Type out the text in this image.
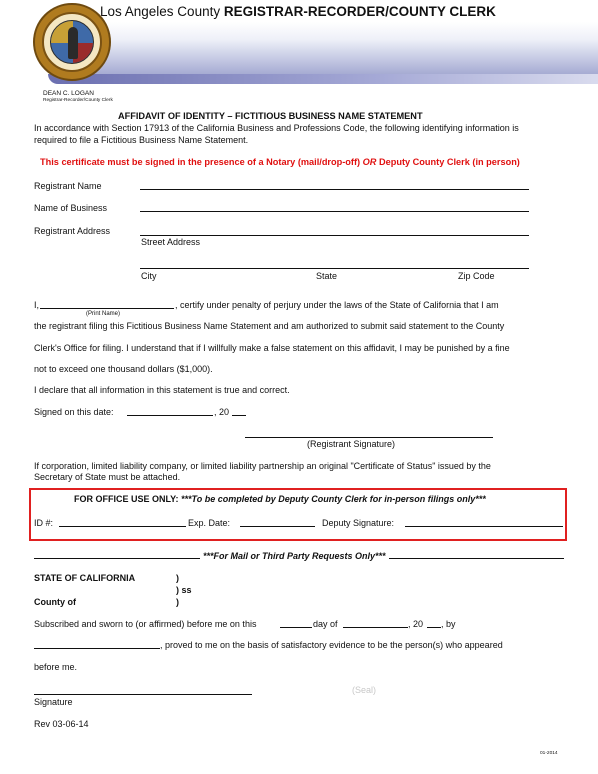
Los Angeles County REGISTRAR-RECORDER/COUNTY CLERK
DEAN C. LOGAN
Registrar-Recorder/County Clerk
AFFIDAVIT OF IDENTITY – FICTITIOUS BUSINESS NAME STATEMENT
In accordance with Section 17913 of the California Business and Professions Code, the following identifying information is
required to file a Fictitious Business Name Statement.
This certificate must be signed in the presence of a Notary (mail/drop-off) OR Deputy County Clerk (in person)
Registrant Name
Name of Business
Registrant Address
Street Address
City	State	Zip Code
I,
(Print Name)
, certify under penalty of perjury under the laws of the State of California that I am
the registrant filing this Fictitious Business Name Statement and am authorized to submit said statement to the County
Clerk's Office for filing. I understand that if I willfully make a false statement on this affidavit, I may be punished by a fine
not to exceed one thousand dollars ($1,000).
I declare that all information in this statement is true and correct.
Signed on this date:	, 20
(Registrant Signature)
If corporation, limited liability company, or limited liability partnership an original "Certificate of Status" issued by the
Secretary of State must be attached.
FOR OFFICE USE ONLY: ***To be completed by Deputy County Clerk for in-person filings only***
ID #:	Exp. Date:	Deputy Signature:
***For Mail or Third Party Requests Only***
STATE OF CALIFORNIA	)
) ss
County of	)
Subscribed and sworn to (or affirmed) before me on this	day of	, 20 , by
, proved to me on the basis of satisfactory evidence to be the person(s) who appeared
before me.
Signature
(Seal)
Rev 03-06-14
01-2014
